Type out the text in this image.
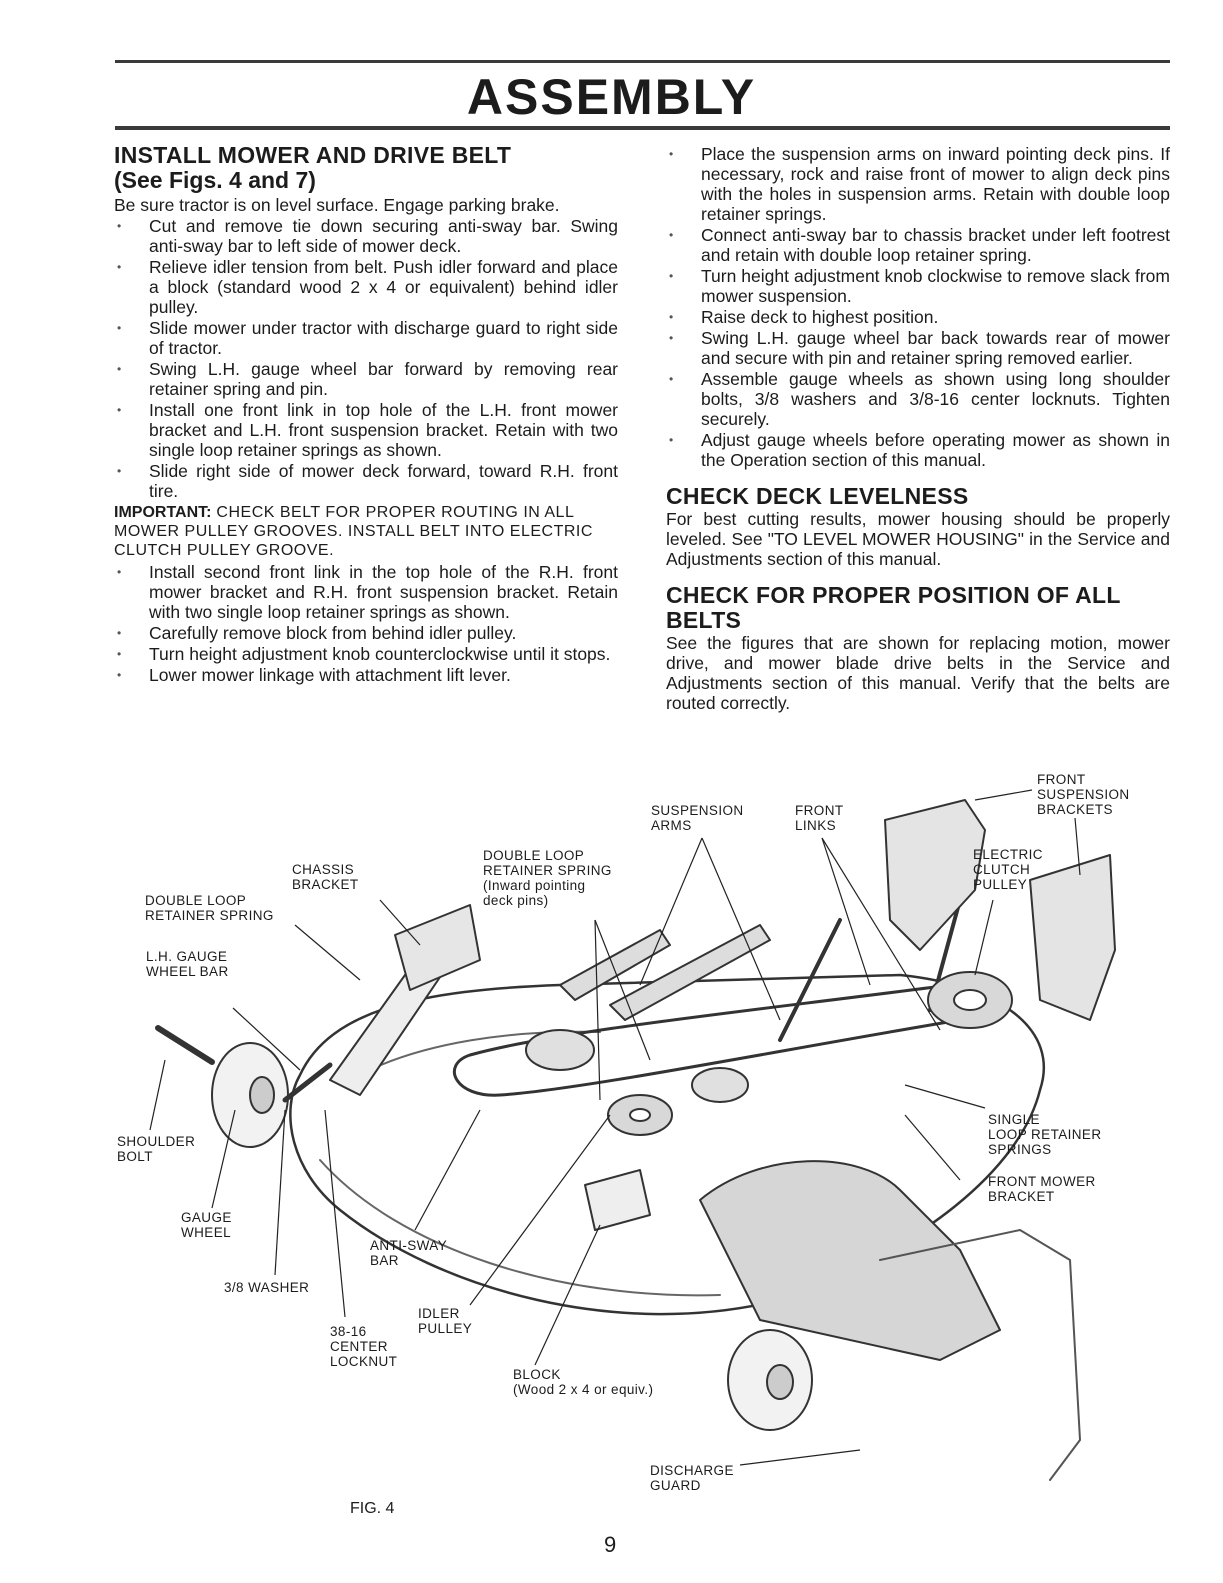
ASSEMBLY
INSTALL MOWER AND DRIVE BELT
(See Figs. 4 and 7)

Be sure tractor is on level surface. Engage parking brake.

• Cut and remove tie down securing anti-sway bar. Swing anti-sway bar to left side of mower deck.
• Relieve idler tension from belt. Push idler forward and place a block (standard wood 2 x 4 or equivalent) behind idler pulley.
• Slide mower under tractor with discharge guard to right side of tractor.
• Swing L.H. gauge wheel bar forward by removing rear retainer spring and pin.
• Install one front link in top hole of the L.H. front mower bracket and L.H. front suspension bracket. Retain with two single loop retainer springs as shown.
• Slide right side of mower deck forward, toward R.H. front tire.

IMPORTANT: CHECK BELT FOR PROPER ROUTING IN ALL MOWER PULLEY GROOVES. INSTALL BELT INTO ELECTRIC CLUTCH PULLEY GROOVE.

• Install second front link in the top hole of the R.H. front mower bracket and R.H. front suspension bracket. Retain with two single loop retainer springs as shown.
• Carefully remove block from behind idler pulley.
• Turn height adjustment knob counterclockwise until it stops.
• Lower mower linkage with attachment lift lever.
• Place the suspension arms on inward pointing deck pins. If necessary, rock and raise front of mower to align deck pins with the holes in suspension arms. Retain with double loop retainer springs.
• Connect anti-sway bar to chassis bracket under left footrest and retain with double loop retainer spring.
• Turn height adjustment knob clockwise to remove slack from mower suspension.
• Raise deck to highest position.
• Swing L.H. gauge wheel bar back towards rear of mower and secure with pin and retainer spring removed earlier.
• Assemble gauge wheels as shown using long shoulder bolts, 3/8 washers and 3/8-16 center locknuts. Tighten securely.
• Adjust gauge wheels before operating mower as shown in the Operation section of this manual.
CHECK DECK LEVELNESS

For best cutting results, mower housing should be properly leveled. See "TO LEVEL MOWER HOUSING" in the Service and Adjustments section of this manual.

CHECK FOR PROPER POSITION OF ALL BELTS

See the figures that are shown for replacing motion, mower drive, and mower blade drive belts in the Service and Adjustments section of this manual. Verify that the belts are routed correctly.

FRONT
SUSPENSION
BRACKETS
SUSPENSION
ARMS
FRONT
LINKS
ELECTRIC
CLUTCH
PULLEY
DOUBLE LOOP
RETAINER SPRING
(Inward pointing
deck pins)
CHASSIS
BRACKET
DOUBLE LOOP
RETAINER SPRING
L.H. GAUGE
WHEEL BAR
SHOULDER
BOLT
GAUGE
WHEEL
3/8 WASHER
ANTI-SWAY
BAR
IDLER
PULLEY
38-16
CENTER
LOCKNUT
BLOCK
(Wood 2 x 4 or equiv.)
SINGLE
LOOP RETAINER
SPRINGS
FRONT MOWER
BRACKET
DISCHARGE
GUARD
FIG. 4
9
